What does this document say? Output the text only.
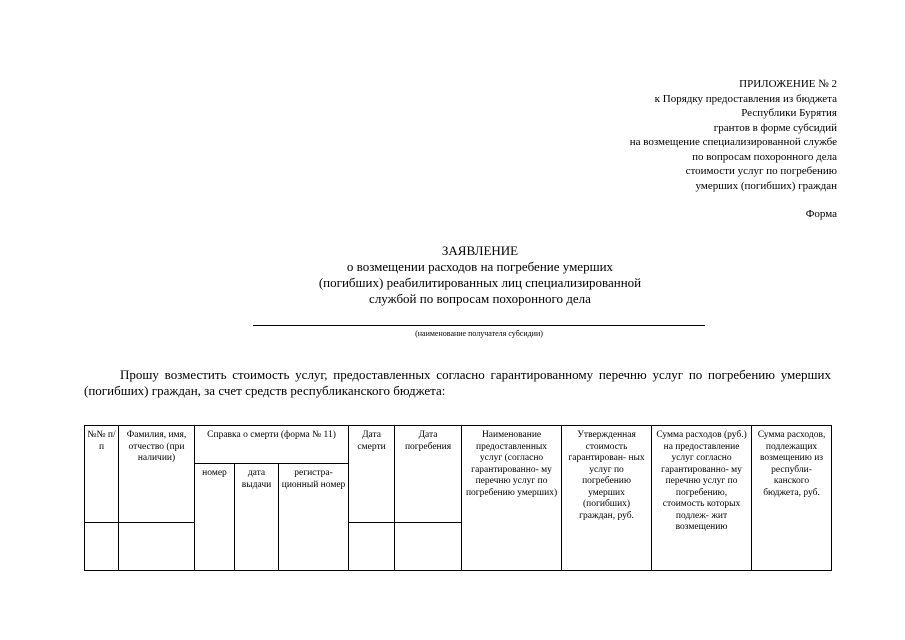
ПРИЛОЖЕНИЕ № 2
к Порядку предоставления из бюджета
Республики Бурятия
грантов в форме субсидий
на возмещение специализированной службе
по вопросам похоронного дела
стоимости услуг по погребению
умерших (погибших) граждан
Форма
ЗАЯВЛЕНИЕ
о возмещении расходов на погребение умерших
(погибших) реабилитированных лиц специализированной
службой по вопросам похоронного дела
(наименование получателя субсидии)
Прошу возместить стоимость услуг, предоставленных согласно гарантированному перечню услуг по погребению умерших (погибших) граждан, за счет средств республиканского бюджета:
№№ п/п	Фамилия, имя, отчество (при наличии)	Справка о смерти (форма № 11)			Дата смерти	Дата погребения	Наименование предоставленных услуг (согласно гарантированно- му перечню услуг по погребению умерших)	Утвержденная стоимость гарантирован- ных услуг по погребению умерших (погибших) граждан, руб.	Сумма расходов (руб.) на предоставление услуг согласно гарантированно- му перечню услуг по погребению, стоимость которых подлеж- жит возмещению	Сумма расходов, подлежащих возмещению из республи- канского бюджета, руб.
		номер	дата выдачи	регистра- ционный номер						
